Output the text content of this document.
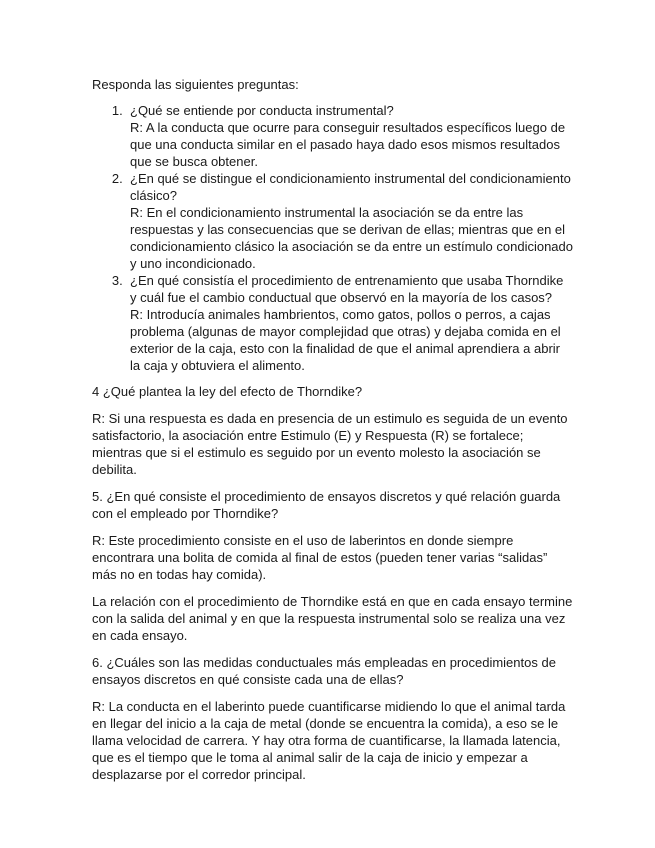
Responda las siguientes preguntas:

1. ¿Qué se entiende por conducta instrumental?
R: A la conducta que ocurre para conseguir resultados específicos luego de que una conducta similar en el pasado haya dado esos mismos resultados que se busca obtener.
2. ¿En qué se distingue el condicionamiento instrumental del condicionamiento clásico?
R: En el condicionamiento instrumental la asociación se da entre las respuestas y las consecuencias que se derivan de ellas; mientras que en el condicionamiento clásico la asociación se da entre un estímulo condicionado y uno incondicionado.
3. ¿En qué consistía el procedimiento de entrenamiento que usaba Thorndike y cuál fue el cambio conductual que observó en la mayoría de los casos?
R: Introducía animales hambrientos, como gatos, pollos o perros, a cajas problema (algunas de mayor complejidad que otras) y dejaba comida en el exterior de la caja, esto con la finalidad de que el animal aprendiera a abrir la caja y obtuviera el alimento.

4 ¿Qué plantea la ley del efecto de Thorndike?

R: Si una respuesta es dada en presencia de un estimulo es seguida de un evento satisfactorio, la asociación entre Estimulo (E) y Respuesta (R) se fortalece; mientras que si el estimulo es seguido por un evento molesto la asociación se debilita.

5. ¿En qué consiste el procedimiento de ensayos discretos y qué relación guarda con el empleado por Thorndike?

R: Este procedimiento consiste en el uso de laberintos en donde siempre encontrara una bolita de comida al final de estos (pueden tener varias “salidas” más no en todas hay comida).

La relación con el procedimiento de Thorndike está en que en cada ensayo termine con la salida del animal y en que la respuesta instrumental solo se realiza una vez en cada ensayo.

6. ¿Cuáles son las medidas conductuales más empleadas en procedimientos de ensayos discretos en qué consiste cada una de ellas?

R: La conducta en el laberinto puede cuantificarse midiendo lo que el animal tarda en llegar del inicio a la caja de metal (donde se encuentra la comida), a eso se le llama velocidad de carrera. Y hay otra forma de cuantificarse, la llamada latencia, que es el tiempo que le toma al animal salir de la caja de inicio y empezar a desplazarse por el corredor principal.
